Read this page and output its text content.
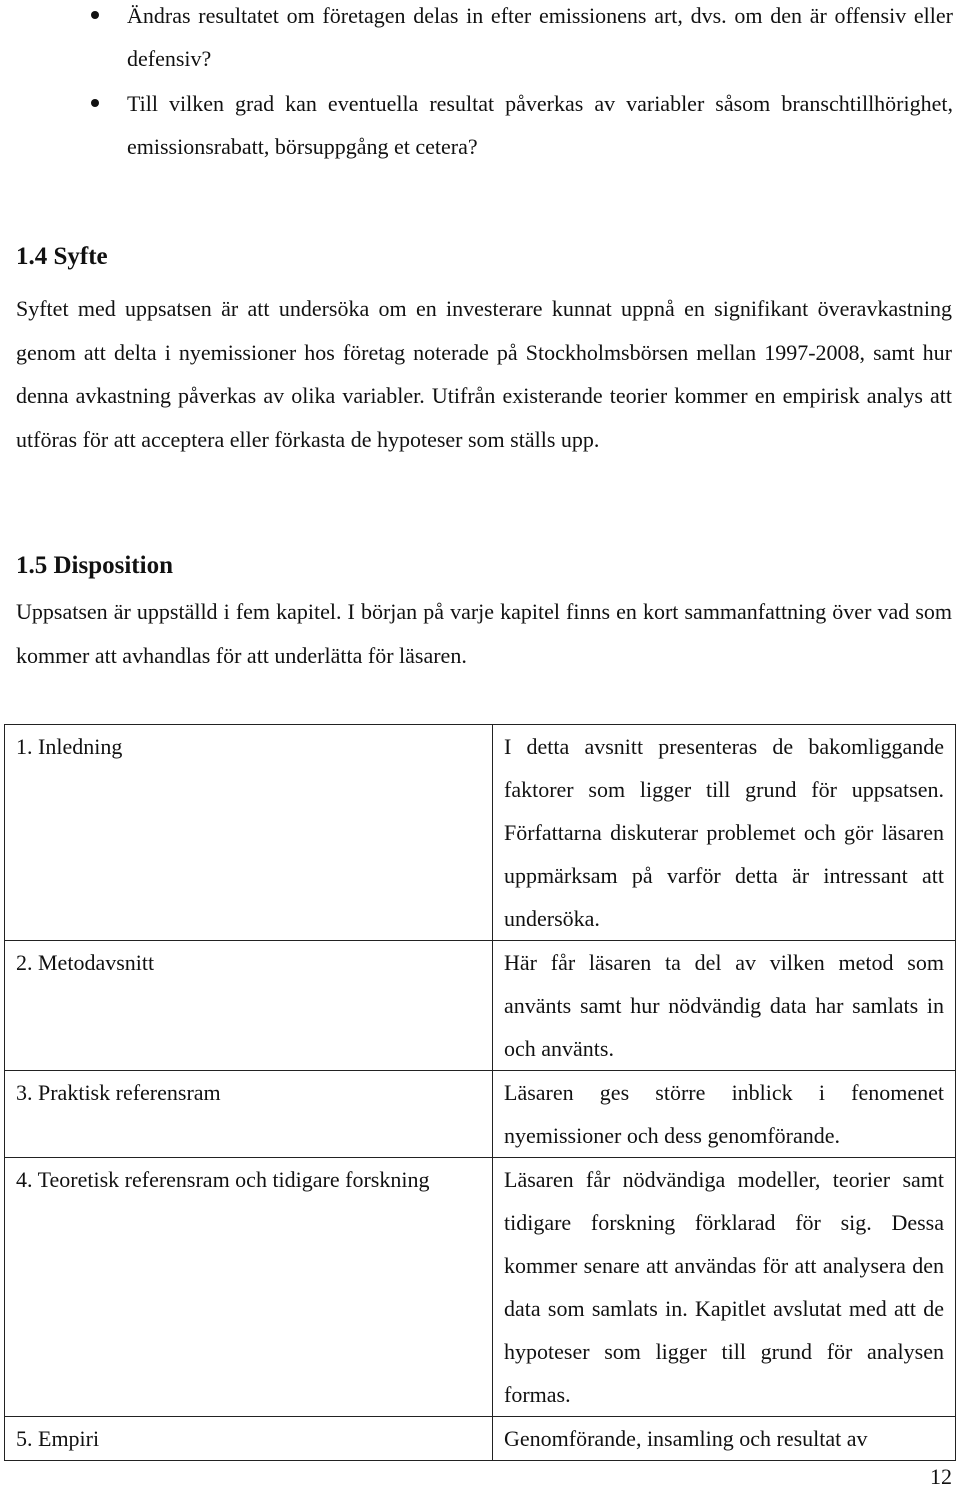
Ändras resultatet om företagen delas in efter emissionens art, dvs. om den är offensiv eller defensiv?
Till vilken grad kan eventuella resultat påverkas av variabler såsom branschtillhörighet, emissionsrabatt, börsuppgång et cetera?
1.4 Syfte

Syftet med uppsatsen är att undersöka om en investerare kunnat uppnå en signifikant överavkastning genom att delta i nyemissioner hos företag noterade på Stockholmsbörsen mellan 1997-2008, samt hur denna avkastning påverkas av olika variabler. Utifrån existerande teorier kommer en empirisk analys att utföras för att acceptera eller förkasta de hypoteser som ställs upp.

1.5 Disposition

Uppsatsen är uppställd i fem kapitel. I början på varje kapitel finns en kort sammanfattning över vad som kommer att avhandlas för att underlätta för läsaren.

1. Inledning	I detta avsnitt presenteras de bakomliggande faktorer som ligger till grund för uppsatsen. Författarna diskuterar problemet och gör läsaren uppmärksam på varför detta är intressant att undersöka.
2. Metodavsnitt	Här får läsaren ta del av vilken metod som använts samt hur nödvändig data har samlats in och använts.
3. Praktisk referensram	Läsaren ges större inblick i fenomenet nyemissioner och dess genomförande.
4. Teoretisk referensram och tidigare forskning	Läsaren får nödvändiga modeller, teorier samt tidigare forskning förklarad för sig. Dessa kommer senare att användas för att analysera den data som samlats in. Kapitlet avslutat med att de hypoteser som ligger till grund för analysen formas.
5. Empiri	Genomförande, insamling och resultat av
12
